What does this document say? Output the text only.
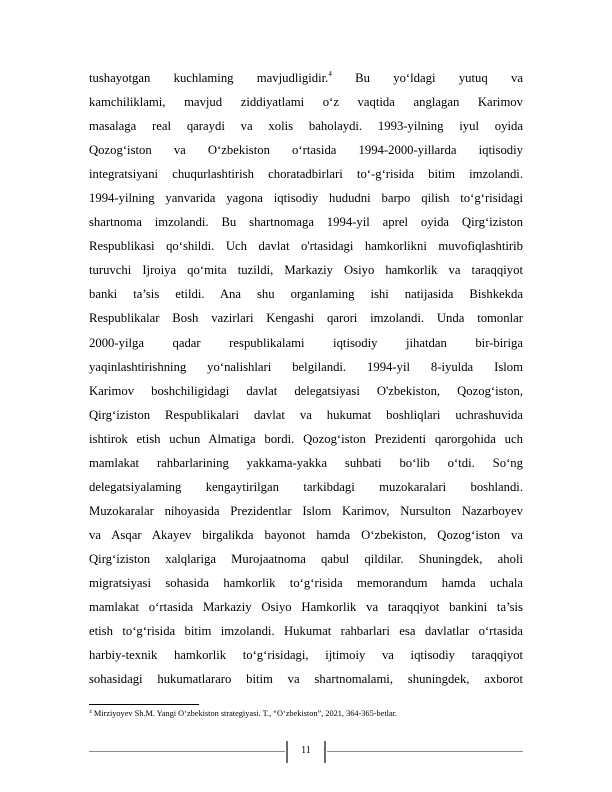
tushayotgan kuchlaming mavjudligidir.$^4$ Bu yo‘ldagi yutuq va
kamchiliklami, mavjud ziddiyatlami o‘z vaqtida anglagan Karimov
masalaga real qaraydi va xolis baholaydi. 1993-yilning iyul oyida
Qozog‘iston va O‘zbekiston o‘rtasida 1994-2000-yillarda iqtisodiy
integratsiyani chuqurlashtirish choratadbirlari to‘-g‘risida bitim imzolandi.
1994-yilning yanvarida yagona iqtisodiy hududni barpo qilish to‘g‘risidagi
shartnoma imzolandi. Bu shartnomaga 1994-yil aprel oyida Qirg‘iziston
Respublikasi qo‘shildi. Uch davlat o'rtasidagi hamkorlikni muvofiqlashtirib
turuvchi Ijroiya qo‘mita tuzildi, Markaziy Osiyo hamkorlik va taraqqiyot
banki ta’sis etildi. Ana shu organlaming ishi natijasida Bishkekda
Respublikalar Bosh vazirlari Kengashi qarori imzolandi. Unda tomonlar
2000-yilga qadar respublikalami iqtisodiy jihatdan bir-biriga
yaqinlashtirishning yo‘nalishlari belgilandi. 1994-yil 8-iyulda Islom
Karimov boshchiligidagi davlat delegatsiyasi O'zbekiston, Qozog‘iston,
Qirg‘iziston Respublikalari davlat va hukumat boshliqlari uchrashuvida
ishtirok etish uchun Almatiga bordi. Qozog‘iston Prezidenti qarorgohida uch
mamlakat rahbarlarining yakkama-yakka suhbati bo‘lib o‘tdi. So‘ng
delegatsiyalaming kengaytirilgan tarkibdagi muzokaralari boshlandi.
Muzokaralar nihoyasida Prezidentlar Islom Karimov, Nursulton Nazarboyev
va Asqar Akayev birgalikda bayonot hamda O‘zbekiston, Qozog‘iston va
Qirg‘iziston xalqlariga Murojaatnoma qabul qildilar. Shuningdek, aholi
migratsiyasi sohasida hamkorlik to‘g‘risida memorandum hamda uchala
mamlakat o‘rtasida Markaziy Osiyo Hamkorlik va taraqqiyot bankini ta’sis
etish to‘g‘risida bitim imzolandi. Hukumat rahbarlari esa davlatlar o‘rtasida
harbiy-texnik hamkorlik to‘g‘risidagi, ijtimoiy va iqtisodiy taraqqiyot
sohasidagi hukumatlararo bitim va shartnomalami, shuningdek, axborot
$^4$ Mirziyoyev Sh.M. Yangi O‘zbekiston strategiyasi. T., “O‘zbekiston”, 2021, 364-365-betlar.
11
